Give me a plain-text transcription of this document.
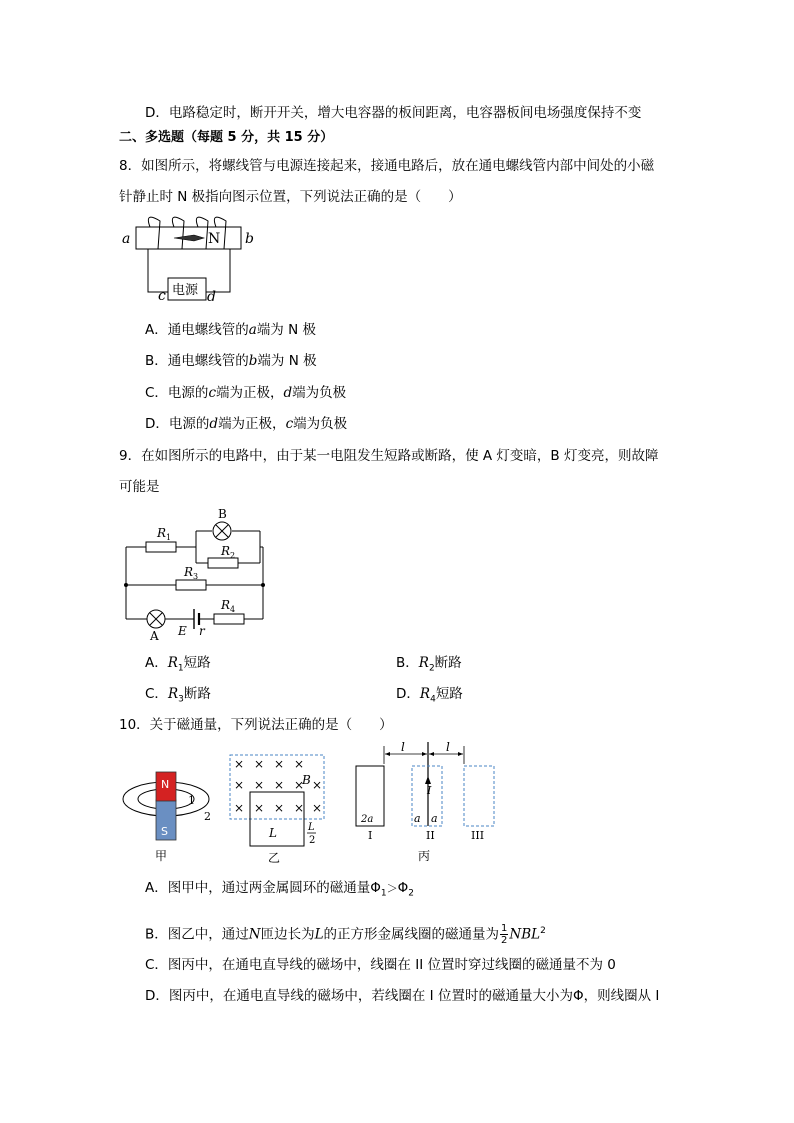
D．电路稳定时，断开开关，增大电容器的板间距离，电容器板间电场强度保持不变
二、多选题（每题 5 分，共 15 分）
8．如图所示，将螺线管与电源连接起来，接通电路后，放在通电螺线管内部中间处的小磁
针静止时 N 极指向图示位置，下列说法正确的是（　　）
N
a	b
c	d
电源
A．通电螺线管的a端为 N 极
B．通电螺线管的b端为 N 极
C．电源的c端为正极，d端为负极
D．电源的d端为正极，c端为负极
9．在如图所示的电路中，由于某一电阻发生短路或断路，使 A 灯变暗，B 灯变亮，则故障
可能是
$R_1$
$R_2$
$R_3$
$R_4$
B
A E r
A．$R_1$短路	B．$R_2$断路
C．$R_3$断路	D．$R_4$短路
10．关于磁通量，下列说法正确的是（　　）
N
S
1
2
甲
× × × ×
× × × × ×
× × × × ×
B
L	L
2
乙
l	l
I
2a	a a
I	II	III
丙
A．图甲中，通过两金属圆环的磁通量$\Phi_1>\Phi_2$
B．图乙中，通过N匝边长为L的正方形金属线圈的磁通量为 $\frac{1}{2} NBL^2$
C．图丙中，在通电直导线的磁场中，线圈在 II 位置时穿过线圈的磁通量不为 0
D．图丙中，在通电直导线的磁场中，若线圈在 I 位置时的磁通量大小为Φ，则线圈从 I
